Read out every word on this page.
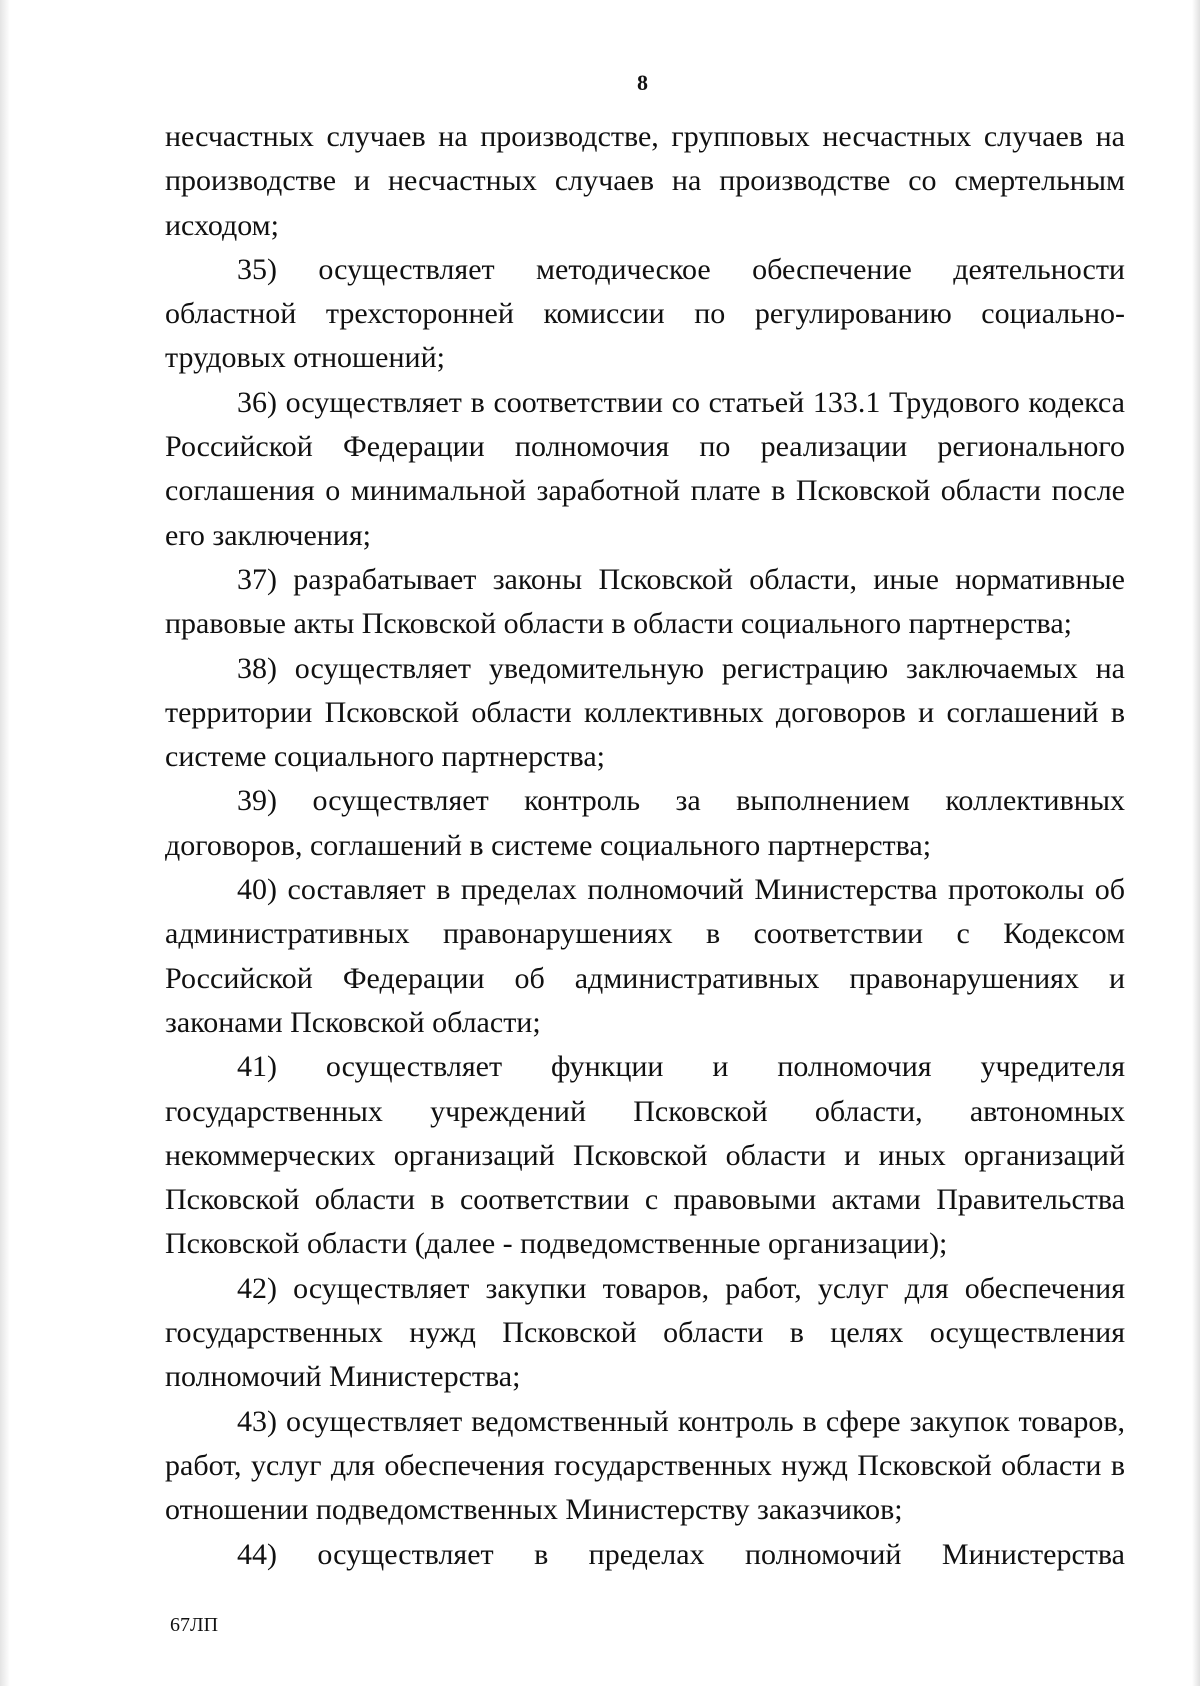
8

несчастных случаев на производстве, групповых несчастных случаев на производстве и несчастных случаев на производстве со смертельным исходом;

35) осуществляет методическое обеспечение деятельности областной трехсторонней комиссии по регулированию социально-трудовых отношений;

36) осуществляет в соответствии со статьей 133.1 Трудового кодекса Российской Федерации полномочия по реализации регионального соглашения о минимальной заработной плате в Псковской области после его заключения;

37) разрабатывает законы Псковской области, иные нормативные правовые акты Псковской области в области социального партнерства;

38) осуществляет уведомительную регистрацию заключаемых на территории Псковской области коллективных договоров и соглашений в системе социального партнерства;

39) осуществляет контроль за выполнением коллективных договоров, соглашений в системе социального партнерства;

40) составляет в пределах полномочий Министерства протоколы об административных правонарушениях в соответствии с Кодексом Российской Федерации об административных правонарушениях и законами Псковской области;

41) осуществляет функции и полномочия учредителя государственных учреждений Псковской области, автономных некоммерческих организаций Псковской области и иных организаций Псковской области в соответствии с правовыми актами Правительства Псковской области (далее - подведомственные организации);

42) осуществляет закупки товаров, работ, услуг для обеспечения государственных нужд Псковской области в целях осуществления полномочий Министерства;

43) осуществляет ведомственный контроль в сфере закупок товаров, работ, услуг для обеспечения государственных нужд Псковской области в отношении подведомственных Министерству заказчиков;

44) осуществляет в пределах полномочий Министерства

67ЛП
